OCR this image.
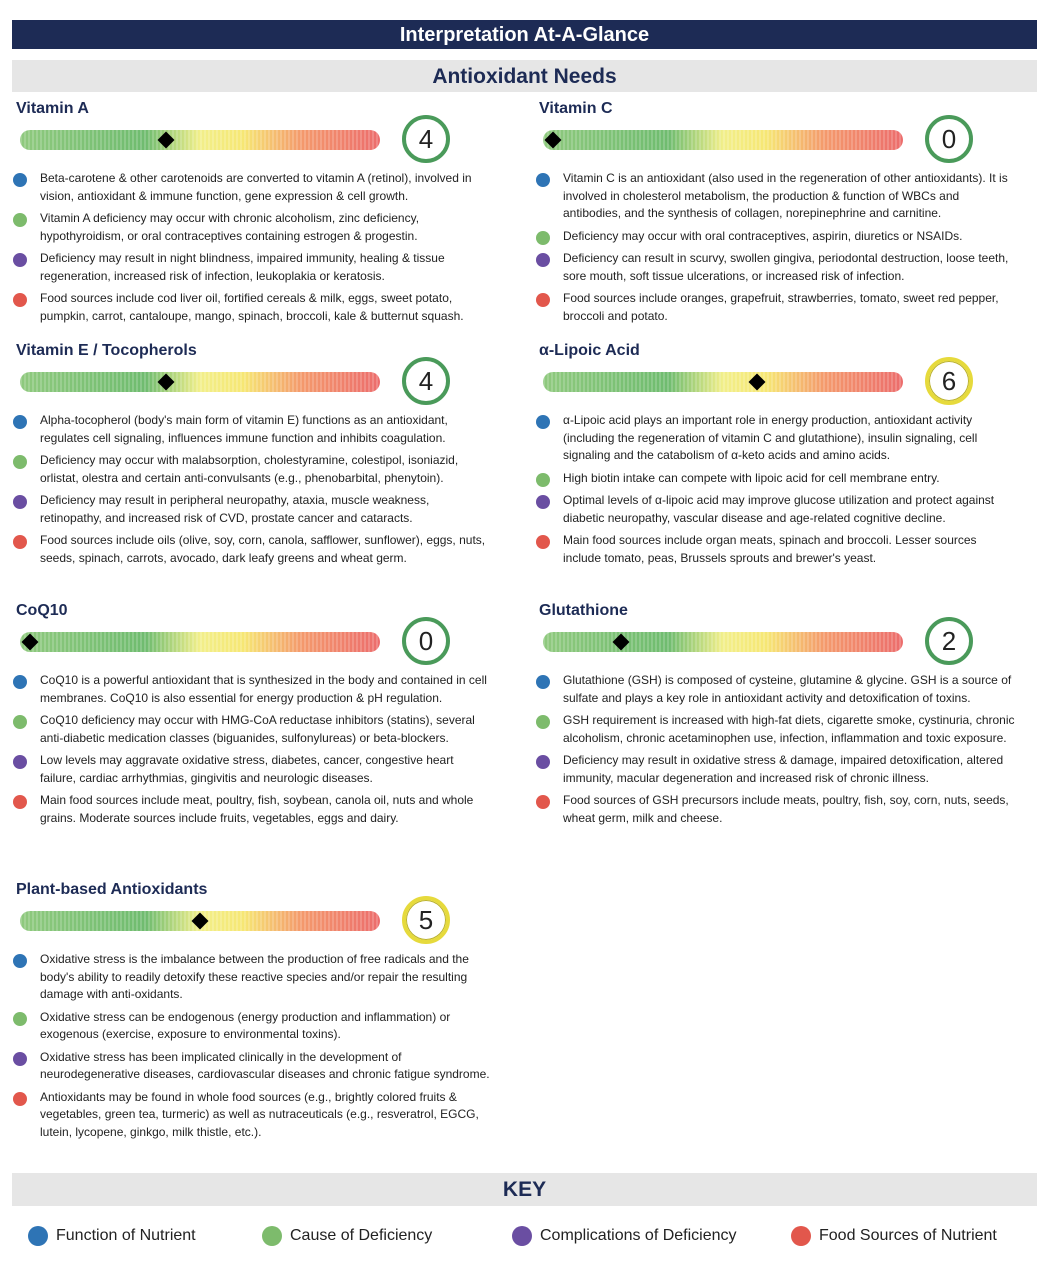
Interpretation At-A-Glance
Antioxidant Needs
Vitamin A
4
Beta-carotene & other carotenoids are converted to vitamin A (retinol), involved in vision, antioxidant & immune function, gene expression & cell growth.
Vitamin A deficiency may occur with chronic alcoholism, zinc deficiency, hypothyroidism, or oral contraceptives containing estrogen & progestin.
Deficiency may result in night blindness, impaired immunity, healing & tissue regeneration, increased risk of infection, leukoplakia or keratosis.
Food sources include cod liver oil, fortified cereals & milk, eggs, sweet potato, pumpkin, carrot, cantaloupe, mango, spinach, broccoli, kale & butternut squash.
Vitamin C
0
Vitamin C is an antioxidant (also used in the regeneration of other antioxidants). It is involved in cholesterol metabolism, the production & function of WBCs and antibodies, and the synthesis of collagen, norepinephrine and carnitine.
Deficiency may occur with oral contraceptives, aspirin, diuretics or NSAIDs.
Deficiency can result in scurvy, swollen gingiva, periodontal destruction, loose teeth, sore mouth, soft tissue ulcerations, or increased risk of infection.
Food sources include oranges, grapefruit, strawberries, tomato, sweet red pepper, broccoli and potato.
Vitamin E / Tocopherols
4
Alpha-tocopherol (body's main form of vitamin E) functions as an antioxidant, regulates cell signaling, influences immune function and inhibits coagulation.
Deficiency may occur with malabsorption, cholestyramine, colestipol, isoniazid, orlistat, olestra and certain anti-convulsants (e.g., phenobarbital, phenytoin).
Deficiency may result in peripheral neuropathy, ataxia, muscle weakness, retinopathy, and increased risk of CVD, prostate cancer and cataracts.
Food sources include oils (olive, soy, corn, canola, safflower, sunflower), eggs, nuts, seeds, spinach, carrots, avocado, dark leafy greens and wheat germ.
α-Lipoic Acid
6
α-Lipoic acid plays an important role in energy production, antioxidant activity (including the regeneration of vitamin C and glutathione), insulin signaling, cell signaling and the catabolism of α-keto acids and amino acids.
High biotin intake can compete with lipoic acid for cell membrane entry.
Optimal levels of α-lipoic acid may improve glucose utilization and protect against diabetic neuropathy, vascular disease and age-related cognitive decline.
Main food sources include organ meats, spinach and broccoli. Lesser sources include tomato, peas, Brussels sprouts and brewer's yeast.
CoQ10
0
CoQ10 is a powerful antioxidant that is synthesized in the body and contained in cell membranes. CoQ10 is also essential for energy production & pH regulation.
CoQ10 deficiency may occur with HMG-CoA reductase inhibitors (statins), several anti-diabetic medication classes (biguanides, sulfonylureas) or beta-blockers.
Low levels may aggravate oxidative stress, diabetes, cancer, congestive heart failure, cardiac arrhythmias, gingivitis and neurologic diseases.
Main food sources include meat, poultry, fish, soybean, canola oil, nuts and whole grains. Moderate sources include fruits, vegetables, eggs and dairy.
Glutathione
2
Glutathione (GSH) is composed of cysteine, glutamine & glycine. GSH is a source of sulfate and plays a key role in antioxidant activity and detoxification of toxins.
GSH requirement is increased with high-fat diets, cigarette smoke, cystinuria, chronic alcoholism, chronic acetaminophen use, infection, inflammation and toxic exposure.
Deficiency may result in oxidative stress & damage, impaired detoxification, altered immunity, macular degeneration and increased risk of chronic illness.
Food sources of GSH precursors include meats, poultry, fish, soy, corn, nuts, seeds, wheat germ, milk and cheese.
Plant-based Antioxidants
5
Oxidative stress is the imbalance between the production of free radicals and the body's ability to readily detoxify these reactive species and/or repair the resulting damage with anti-oxidants.
Oxidative stress can be endogenous (energy production and inflammation) or exogenous (exercise, exposure to environmental toxins).
Oxidative stress has been implicated clinically in the development of neurodegenerative diseases, cardiovascular diseases and chronic fatigue syndrome.
Antioxidants may be found in whole food sources (e.g., brightly colored fruits & vegetables, green tea, turmeric) as well as nutraceuticals (e.g., resveratrol, EGCG, lutein, lycopene, ginkgo, milk thistle, etc.).
KEY
Function of Nutrient	Cause of Deficiency	Complications of Deficiency	Food Sources of Nutrient
